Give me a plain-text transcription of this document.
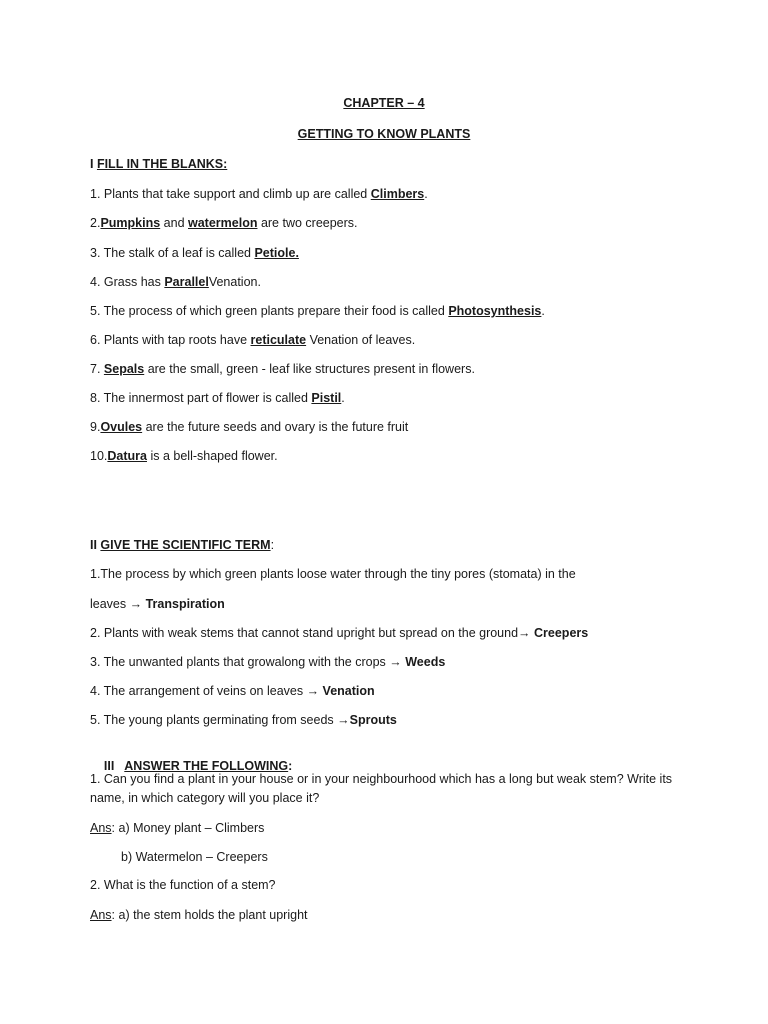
CHAPTER – 4
GETTING TO KNOW PLANTS
I FILL IN THE BLANKS:
1. Plants that take support and climb up are called Climbers.
2.Pumpkins and watermelon are two creepers.
3. The stalk of a leaf is called Petiole.
4. Grass has ParallelVenation.
5. The process of which green plants prepare their food is called Photosynthesis.
6. Plants with tap roots have reticulate Venation of leaves.
7. Sepals are the small, green - leaf like structures present in flowers.
8. The innermost part of flower is called Pistil.
9.Ovules are the future seeds and ovary is the future fruit
10.Datura is a bell-shaped flower.
II GIVE THE SCIENTIFIC TERM:
1.The process by which green plants loose water through the tiny pores (stomata) in the
leaves → Transpiration
2. Plants with weak stems that cannot stand upright but spread on the ground→ Creepers
3. The unwanted plants that growalong with the crops → Weeds
4. The arrangement of veins on leaves → Venation
5. The young plants germinating from seeds →Sprouts

III   ANSWER THE FOLLOWING:

1. Can you find a plant in your house or in your neighbourhood which has a long but weak stem? Write its name, in which category will you place it?
Ans: a) Money plant – Climbers
b) Watermelon – Creepers
2. What is the function of a stem?
Ans: a) the stem holds the plant upright
